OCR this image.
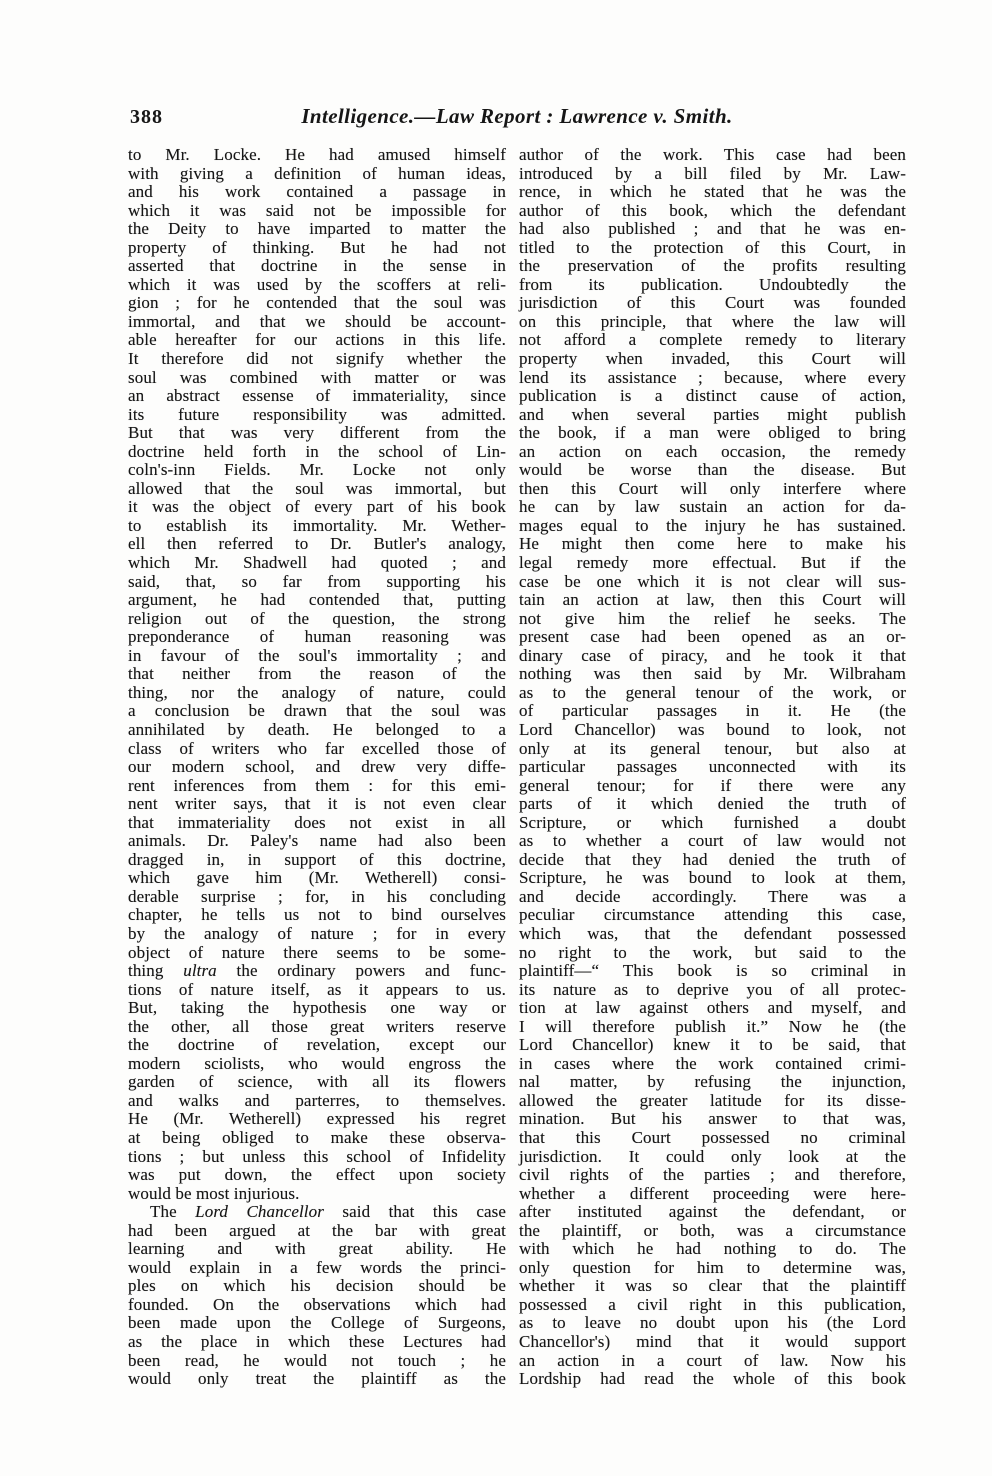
388	Intelligence.—Law Report : Lawrence v. Smith.
to Mr. Locke. He had amused himself
with giving a definition of human ideas,
and his work contained a passage in
which it was said not be impossible for
the Deity to have imparted to matter the
property of thinking. But he had not
asserted that doctrine in the sense in
which it was used by the scoffers at reli-
gion ; for he contended that the soul was
immortal, and that we should be account-
able hereafter for our actions in this life.
It therefore did not signify whether the
soul was combined with matter or was
an abstract essense of immateriality, since
its future responsibility was admitted.
But that was very different from the
doctrine held forth in the school of Lin-
coln's-inn Fields. Mr. Locke not only
allowed that the soul was immortal, but
it was the object of every part of his book
to establish its immortality. Mr. Wether-
ell then referred to Dr. Butler's analogy,
which Mr. Shadwell had quoted ; and
said, that, so far from supporting his
argument, he had contended that, putting
religion out of the question, the strong
preponderance of human reasoning was
in favour of the soul's immortality ; and
that neither from the reason of the
thing, nor the analogy of nature, could
a conclusion be drawn that the soul was
annihilated by death. He belonged to a
class of writers who far excelled those of
our modern school, and drew very diffe-
rent inferences from them : for this emi-
nent writer says, that it is not even clear
that immateriality does not exist in all
animals. Dr. Paley's name had also been
dragged in, in support of this doctrine,
which gave him (Mr. Wetherell) consi-
derable surprise ; for, in his concluding
chapter, he tells us not to bind ourselves
by the analogy of nature ; for in every
object of nature there seems to be some-
thing ultra the ordinary powers and func-
tions of nature itself, as it appears to us.
But, taking the hypothesis one way or
the other, all those great writers reserve
the doctrine of revelation, except our
modern sciolists, who would engross the
garden of science, with all its flowers
and walks and parterres, to themselves.
He (Mr. Wetherell) expressed his regret
at being obliged to make these observa-
tions ; but unless this school of Infidelity
was put down, the effect upon society
would be most injurious.
The Lord Chancellor said that this case
had been argued at the bar with great
learning and with great ability. He
would explain in a few words the princi-
ples on which his decision should be
founded. On the observations which had
been made upon the College of Surgeons,
as the place in which these Lectures had
been read, he would not touch ; he
would only treat the plaintiff as the
author of the work. This case had been
introduced by a bill filed by Mr. Law-
rence, in which he stated that he was the
author of this book, which the defendant
had also published ; and that he was en-
titled to the protection of this Court, in
the preservation of the profits resulting
from its publication. Undoubtedly the
jurisdiction of this Court was founded
on this principle, that where the law will
not afford a complete remedy to literary
property when invaded, this Court will
lend its assistance ; because, where every
publication is a distinct cause of action,
and when several parties might publish
the book, if a man were obliged to bring
an action on each occasion, the remedy
would be worse than the disease. But
then this Court will only interfere where
he can by law sustain an action for da-
mages equal to the injury he has sustained.
He might then come here to make his
legal remedy more effectual. But if the
case be one which it is not clear will sus-
tain an action at law, then this Court will
not give him the relief he seeks. The
present case had been opened as an or-
dinary case of piracy, and he took it that
nothing was then said by Mr. Wilbraham
as to the general tenour of the work, or
of particular passages in it. He (the
Lord Chancellor) was bound to look, not
only at its general tenour, but also at
particular passages unconnected with its
general tenour; for if there were any
parts of it which denied the truth of
Scripture, or which furnished a doubt
as to whether a court of law would not
decide that they had denied the truth of
Scripture, he was bound to look at them,
and decide accordingly. There was a
peculiar circumstance attending this case,
which was, that the defendant possessed
no right to the work, but said to the
plaintiff—“ This book is so criminal in
its nature as to deprive you of all protec-
tion at law against others and myself, and
I will therefore publish it.” Now he (the
Lord Chancellor) knew it to be said, that
in cases where the work contained crimi-
nal matter, by refusing the injunction,
allowed the greater latitude for its disse-
mination. But his answer to that was,
that this Court possessed no criminal
jurisdiction. It could only look at the
civil rights of the parties ; and therefore,
whether a different proceeding were here-
after instituted against the defendant, or
the plaintiff, or both, was a circumstance
with which he had nothing to do. The
only question for him to determine was,
whether it was so clear that the plaintiff
possessed a civil right in this publication,
as to leave no doubt upon his (the Lord
Chancellor's) mind that it would support
an action in a court of law. Now his
Lordship had read the whole of this book
